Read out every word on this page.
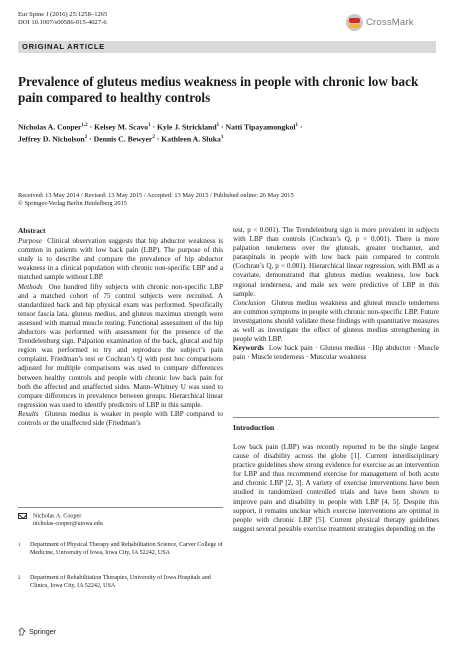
Eur Spine J (2016) 25:1258–1265
DOI 10.1007/s00586-015-4027-6	CrossMark
ORIGINAL ARTICLE
Prevalence of gluteus medius weakness in people with chronic low back pain compared to healthy controls
Nicholas A. Cooper$^{1,2}$ · Kelsey M. Scavo$^1$ · Kyle J. Strickland$^1$ · Natti Tipayamongkol$^1$ ·
Jeffrey D. Nicholson$^2$ · Dennis C. Bewyer$^2$ · Kathleen A. Sluka$^1$
Received: 13 May 2014 / Revised: 13 May 2015 / Accepted: 13 May 2015 / Published online: 26 May 2015
© Springer-Verlag Berlin Heidelberg 2015
Abstract

Purpose Clinical observation suggests that hip abductor weakness is common in patients with low back pain (LBP). The purpose of this study is to describe and compare the prevalence of hip abductor weakness in a clinical population with chronic non-specific LBP and a matched sample without LBP.

Methods One hundred fifty subjects with chronic non-specific LBP and a matched cohort of 75 control subjects were recruited. A standardized back and hip physical exam was performed. Specifically tensor fascia lata, gluteus medius, and gluteus maximus strength were assessed with manual muscle testing. Functional assessment of the hip abductors was performed with assessment for the presence of the Trendelenburg sign. Palpation examination of the back, glutcal and hip region was performed to try and reproduce the subject’s pain complaint. Friedman’s test or Cochran’s Q with post hoc comparisons adjusted for multiple comparisons was used to compare differences between healthy controls and people with chronic low back pain for both the affected and unaffected sides. Mann–Whitney U was used to compare differences in prevalence between groups. Hierarchical linear regression was used to identify predictors of LBP in this sample.

Results Gluteus medius is weaker in people with LBP compared to controls or the unaffected side (Friedman’s

test, p < 0.001). The Trendelenburg sign is more prevalent in subjects with LBP than controls (Cochran’s Q, p < 0.001). There is more palpation tenderness over the gluteals, greater trochanter, and paraspinals in people with low back pain compared to controls (Cochran’s Q, p < 0.001). Hierarchical linear regression, with BMI as a covariate, demonstrated that gluteus medius weakness, low back regional tenderness, and male sex were predictive of LBP in this sample.

Conclusion Gluteus medius weakness and gluteal muscle tenderness are common symptoms in people with chronic non-specific LBP. Future investigations should validate these findings with quantitative measures as well as investigate the effect of gluteus medius strengthening in people with LBP.

Keywords Low back pain · Gluteus medius · Hip abductor · Muscle pain · Muscle tenderness · Muscular weakness

Introduction
Low back pain (LBP) was recently reported to be the single largest cause of disability across the globe [1]. Current interdisciplinary practice guidelines show strong evidence for exercise as an intervention for LBP and thus recommend exercise for management of both acute and chronic LBP [2, 3]. A variety of exercise interventions have been studied in randomized controlled trials and have been shown to improve pain and disability in people with LBP [4, 5]. Despite this support, it remains unclear which exercise interventions are optimal in people with chronic LBP [5]. Current physical therapy guidelines suggest several possible exercise treatment strategies depending on the
Nicholas A. Cooper
nicholas-cooper@uiowa.edu
1 Department of Physical Therapy and Rehabilitation Science, Carver College of Medicine, University of Iowa, Iowa City, IA 52242, USA
2 Department of Rehabilitation Therapies, University of Iowa Hospitals and Clinics, Iowa City, IA 52242, USA
Springer
